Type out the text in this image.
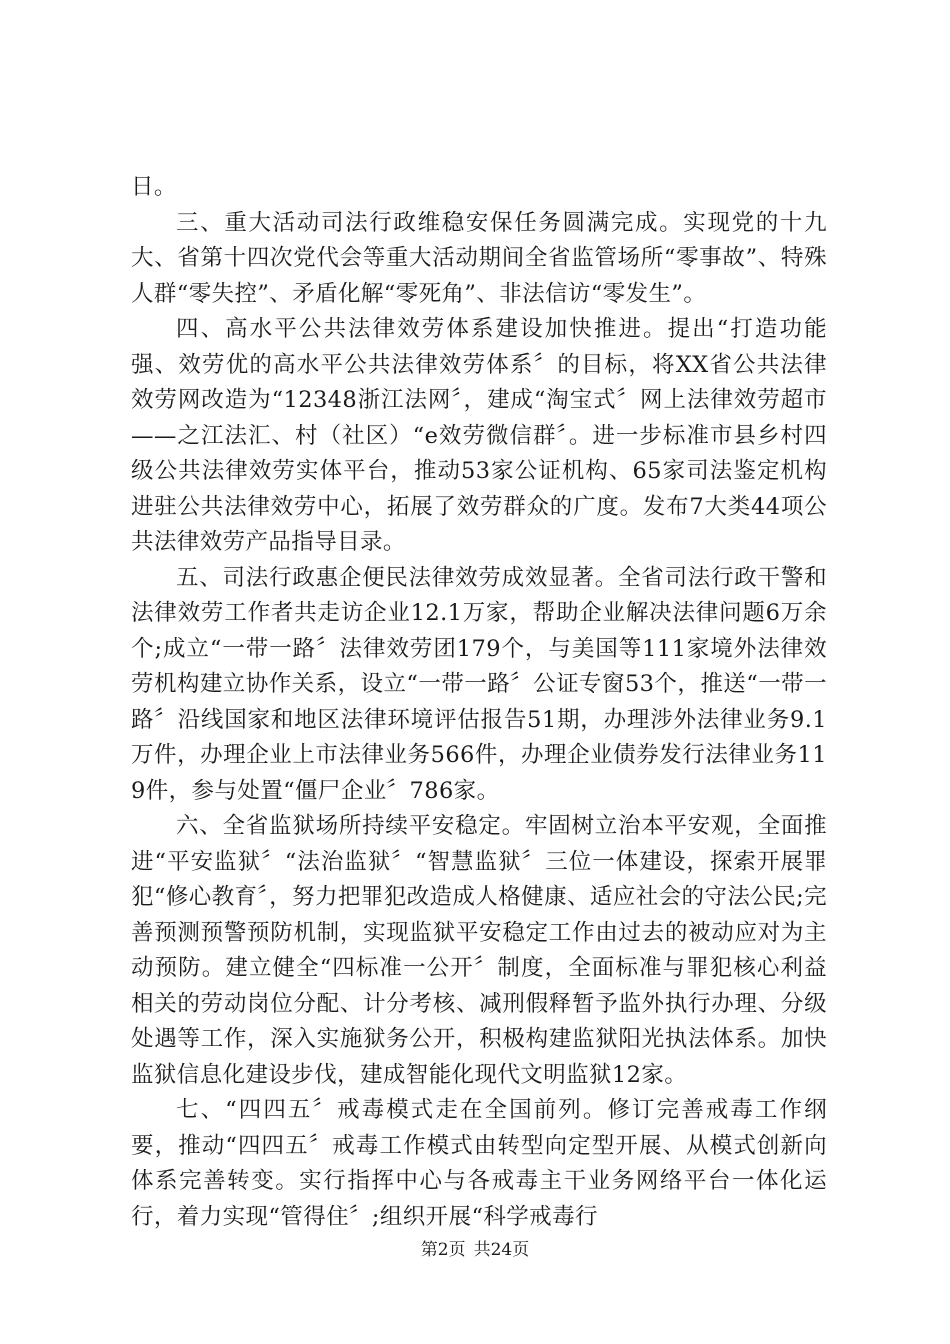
日。

三、重大活动司法行政维稳安保任务圆满完成。实现党的十九大、省第十四次党代会等重大活动期间全省监管场所“零事故”、特殊人群“零失控”、矛盾化解“零死角”、非法信访“零发生”。

四、高水平公共法律效劳体系建设加快推进。提出“打造功能强、效劳优的高水平公共法律效劳体系〞的目标，将XX省公共法律效劳网改造为“12348浙江法网〞，建成“淘宝式〞网上法律效劳超市——之江法汇、村（社区）“e效劳微信群〞。进一步标准市县乡村四级公共法律效劳实体平台，推动53家公证机构、65家司法鉴定机构进驻公共法律效劳中心，拓展了效劳群众的广度。发布7大类44项公共法律效劳产品指导目录。

五、司法行政惠企便民法律效劳成效显著。全省司法行政干警和法律效劳工作者共走访企业12.1万家，帮助企业解决法律问题6万余个;成立“一带一路〞法律效劳团179个，与美国等111家境外法律效劳机构建立协作关系，设立“一带一路〞公证专窗53个，推送“一带一路〞沿线国家和地区法律环境评估报告51期，办理涉外法律业务9.1万件，办理企业上市法律业务566件，办理企业债券发行法律业务119件，参与处置“僵尸企业〞786家。

六、全省监狱场所持续平安稳定。牢固树立治本平安观，全面推进“平安监狱〞“法治监狱〞“智慧监狱〞三位一体建设，探索开展罪犯“修心教育〞，努力把罪犯改造成人格健康、适应社会的守法公民;完善预测预警预防机制，实现监狱平安稳定工作由过去的被动应对为主动预防。建立健全“四标准一公开〞制度，全面标准与罪犯核心利益相关的劳动岗位分配、计分考核、减刑假释暂予监外执行办理、分级处遇等工作，深入实施狱务公开，积极构建监狱阳光执法体系。加快监狱信息化建设步伐，建成智能化现代文明监狱12家。

七、“四四五〞戒毒模式走在全国前列。修订完善戒毒工作纲要，推动“四四五〞戒毒工作模式由转型向定型开展、从模式创新向体系完善转变。实行指挥中心与各戒毒主干业务网络平台一体化运行，着力实现“管得住〞;组织开展“科学戒毒行

第2页 共24页
